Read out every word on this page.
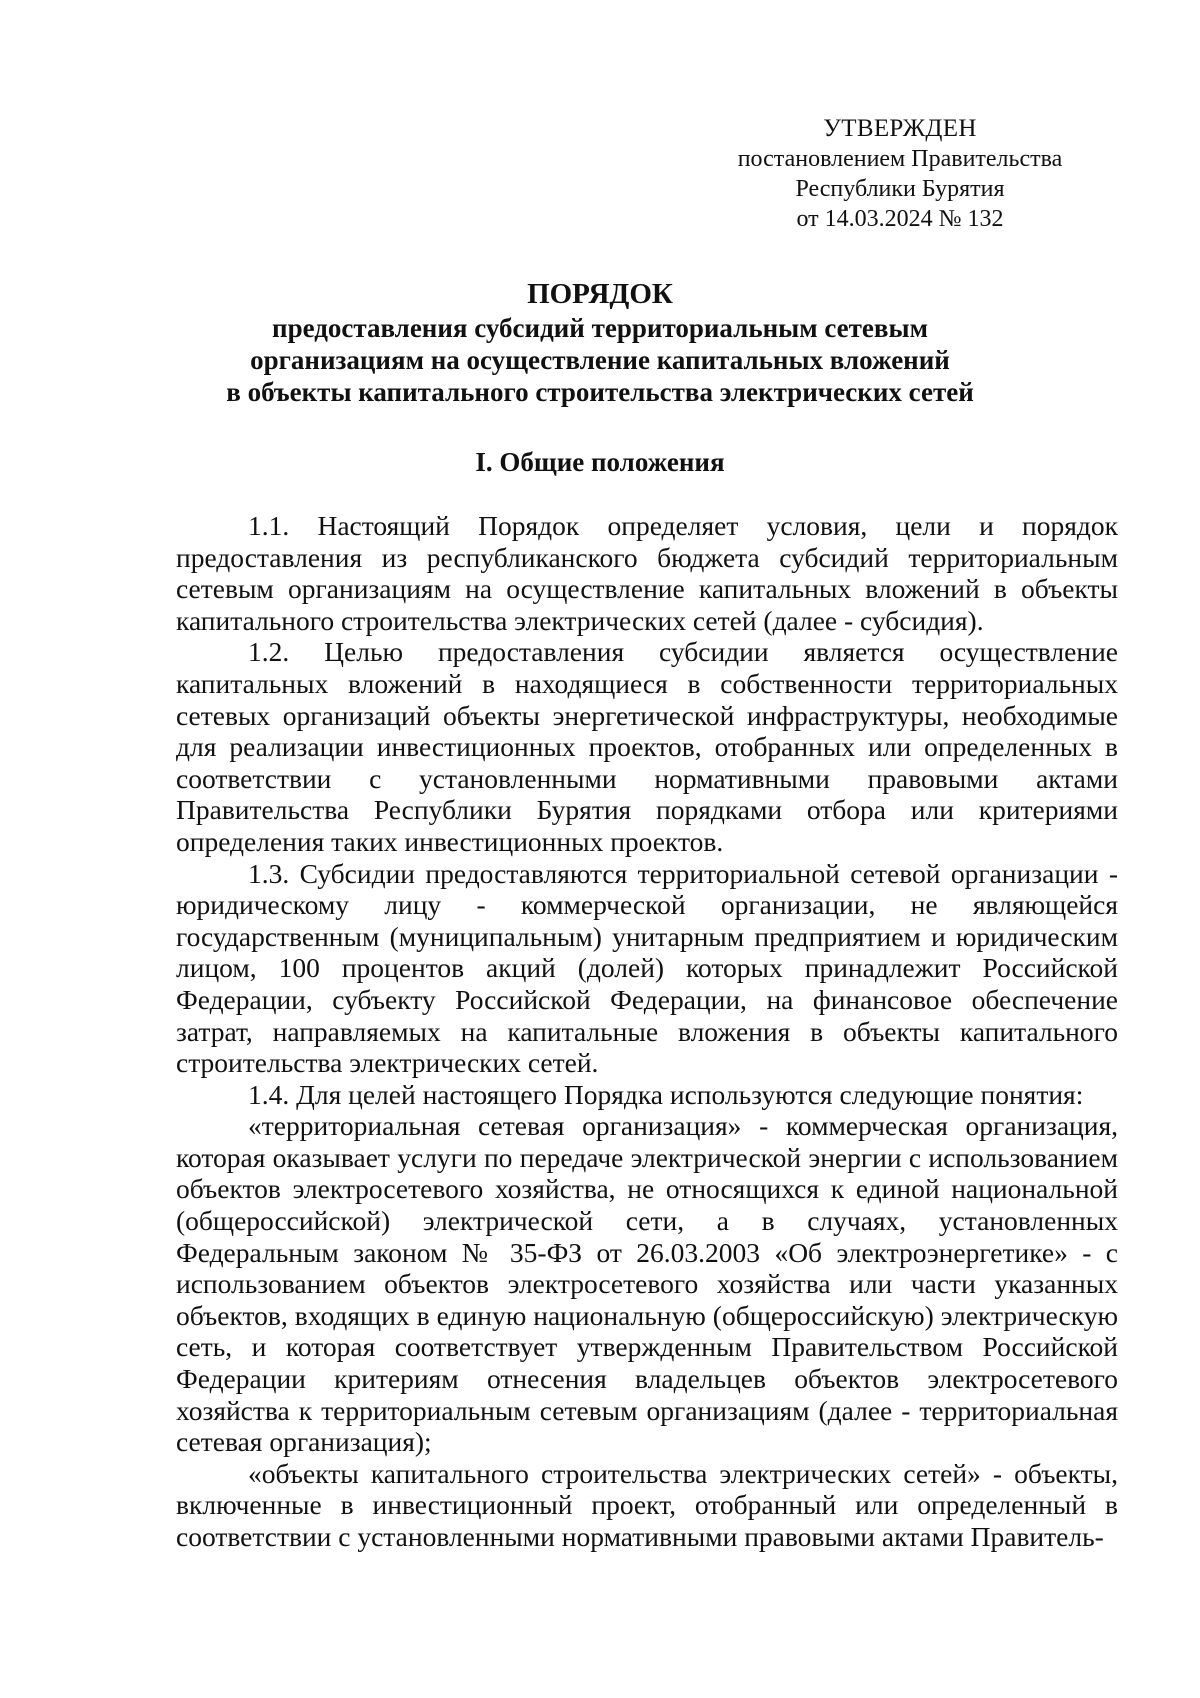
УТВЕРЖДЕН
постановлением Правительства
Республики Бурятия
от 14.03.2024 № 132
ПОРЯДОК
предоставления субсидий территориальным сетевым
организациям на осуществление капитальных вложений
в объекты капитального строительства электрических сетей
I. Общие положения

1.1. Настоящий Порядок определяет условия, цели и порядок предоставления из республиканского бюджета субсидий территориальным сетевым организациям на осуществление капитальных вложений в объекты капитального строительства электрических сетей (далее - субсидия).

1.2. Целью предоставления субсидии является осуществление капитальных вложений в находящиеся в собственности территориальных сетевых организаций объекты энергетической инфраструктуры, необходимые для реализации инвестиционных проектов, отобранных или определенных в соответствии с установленными нормативными правовыми актами Правительства Республики Бурятия порядками отбора или критериями определения таких инвестиционных проектов.

1.3. Субсидии предоставляются территориальной сетевой организации - юридическому лицу - коммерческой организации, не являющейся государственным (муниципальным) унитарным предприятием и юридическим лицом, 100 процентов акций (долей) которых принадлежит Российской Федерации, субъекту Российской Федерации, на финансовое обеспечение затрат, направляемых на капитальные вложения в объекты капитального строительства электрических сетей.

1.4. Для целей настоящего Порядка используются следующие понятия:

«территориальная сетевая организация» - коммерческая организация, которая оказывает услуги по передаче электрической энергии с использованием объектов электросетевого хозяйства, не относящихся к единой национальной (общероссийской) электрической сети, а в случаях, установленных Федеральным законом № 35-ФЗ от 26.03.2003 «Об электроэнергетике» - с использованием объектов электросетевого хозяйства или части указанных объектов, входящих в единую национальную (общероссийскую) электрическую сеть, и которая соответствует утвержденным Правительством Российской Федерации критериям отнесения владельцев объектов электросетевого хозяйства к территориальным сетевым организациям (далее - территориальная сетевая организация);

«объекты капитального строительства электрических сетей» - объекты, включенные в инвестиционный проект, отобранный или определенный в соответствии с установленными нормативными правовыми актами Правитель-
